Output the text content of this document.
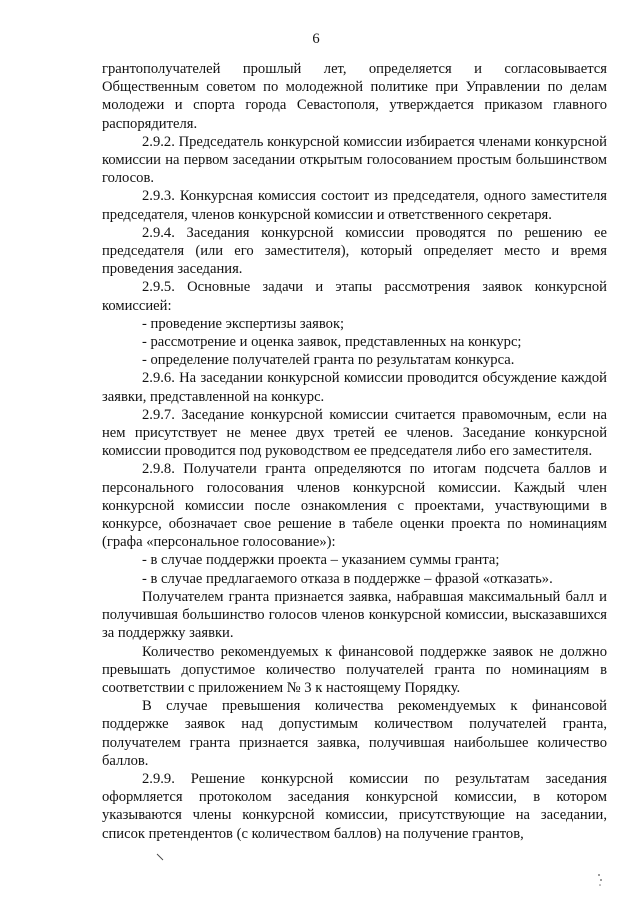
6

грантополучателей прошлый лет, определяется и согласовывается Общественным советом по молодежной политике при Управлении по делам молодежи и спорта города Севастополя, утверждается приказом главного распорядителя.

2.9.2. Председатель конкурсной комиссии избирается членами конкурсной комиссии на первом заседании открытым голосованием простым большинством голосов.

2.9.3. Конкурсная комиссия состоит из председателя, одного заместителя председателя, членов конкурсной комиссии и ответственного секретаря.

2.9.4. Заседания конкурсной комиссии проводятся по решению ее председателя (или его заместителя), который определяет место и время проведения заседания.

2.9.5. Основные задачи и этапы рассмотрения заявок конкурсной комиссией:

- проведение экспертизы заявок;

- рассмотрение и оценка заявок, представленных на конкурс;

- определение получателей гранта по результатам конкурса.

2.9.6. На заседании конкурсной комиссии проводится обсуждение каждой заявки, представленной на конкурс.

2.9.7. Заседание конкурсной комиссии считается правомочным, если на нем присутствует не менее двух третей ее членов. Заседание конкурсной комиссии проводится под руководством ее председателя либо его заместителя.

2.9.8. Получатели гранта определяются по итогам подсчета баллов и персонального голосования членов конкурсной комиссии. Каждый член конкурсной комиссии после ознакомления с проектами, участвующими в конкурсе, обозначает свое решение в табеле оценки проекта по номинациям (графа «персональное голосование»):

- в случае поддержки проекта – указанием суммы гранта;

- в случае предлагаемого отказа в поддержке – фразой «отказать».

Получателем гранта признается заявка, набравшая максимальный балл и получившая большинство голосов членов конкурсной комиссии, высказавшихся за поддержку заявки.

Количество рекомендуемых к финансовой поддержке заявок не должно превышать допустимое количество получателей гранта по номинациям в соответствии с приложением № 3 к настоящему Порядку.

В случае превышения количества рекомендуемых к финансовой поддержке заявок над допустимым количеством получателей гранта, получателем гранта признается заявка, получившая наибольшее количество баллов.

2.9.9. Решение конкурсной комиссии по результатам заседания оформляется протоколом заседания конкурсной комиссии, в котором указываются члены конкурсной комиссии, присутствующие на заседании, список претендентов (с количеством баллов) на получение грантов,
